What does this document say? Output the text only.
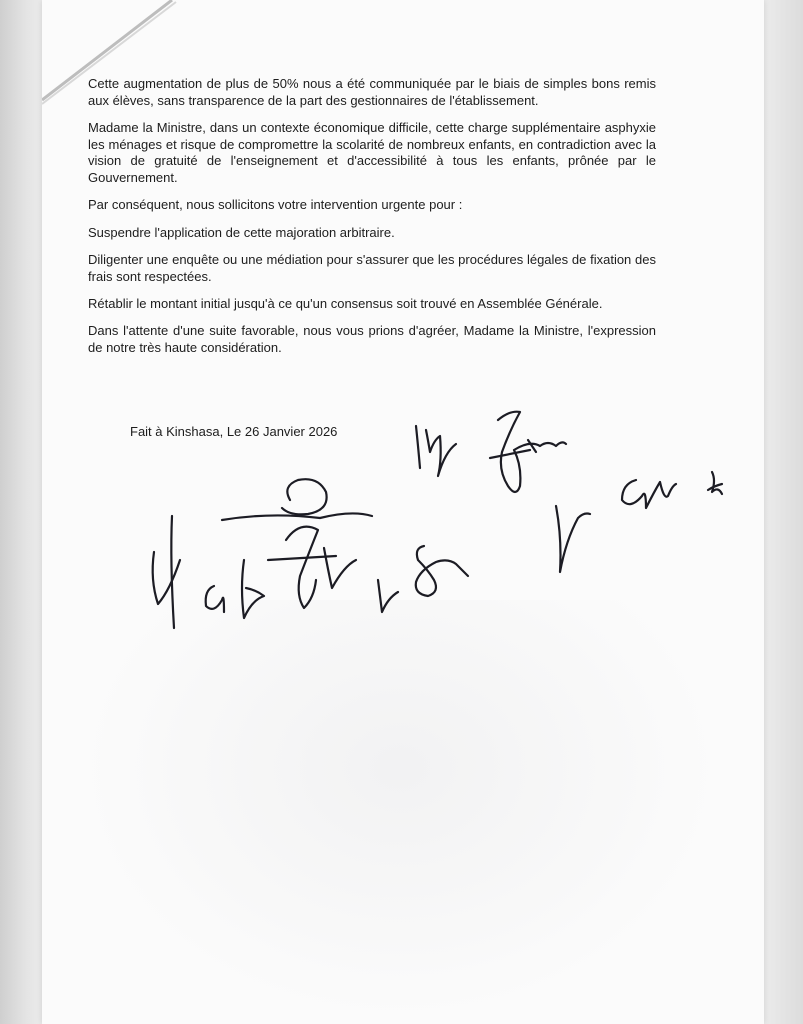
Cette augmentation de plus de 50% nous a été communiquée par le biais de simples bons remis aux élèves, sans transparence de la part des gestionnaires de l'établissement.

Madame la Ministre, dans un contexte économique difficile, cette charge supplémentaire asphyxie les ménages et risque de compromettre la scolarité de nombreux enfants, en contradiction avec la vision de gratuité de l'enseignement et d'accessibilité à tous les enfants, prônée par le Gouvernement.

Par conséquent, nous sollicitons votre intervention urgente pour :

Suspendre l'application de cette majoration arbitraire.

Diligenter une enquête ou une médiation pour s'assurer que les procédures légales de fixation des frais sont respectées.

Rétablir le montant initial jusqu'à ce qu'un consensus soit trouvé en Assemblée Générale.

Dans l'attente d'une suite favorable, nous vous prions d'agréer, Madame la Ministre, l'expression de notre très haute considération.

Fait à Kinshasa, Le 26 Janvier 2026
